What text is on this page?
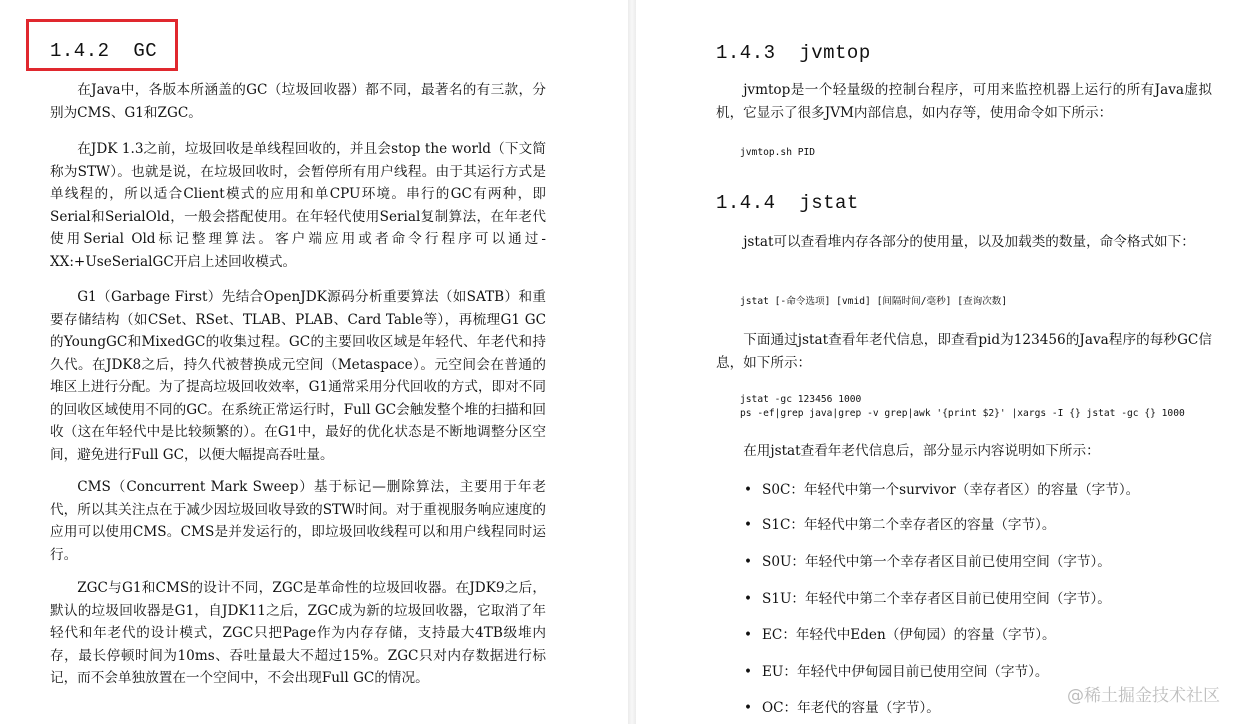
1.4.2  GC

在Java中，各版本所涵盖的GC（垃圾回收器）都不同，最著名的有三款，分别为CMS、G1和ZGC。

在JDK 1.3之前，垃圾回收是单线程回收的，并且会stop the world（下文简称为STW）。也就是说，在垃圾回收时，会暂停所有用户线程。由于其运行方式是单线程的，所以适合Client模式的应用和单CPU环境。串行的GC有两种，即Serial和SerialOld，一般会搭配使用。在年轻代使用Serial复制算法，在年老代使用Serial Old标记整理算法。客户端应用或者命令行程序可以通过-XX:+UseSerialGC开启上述回收模式。

G1（Garbage First）先结合OpenJDK源码分析重要算法（如SATB）和重要存储结构（如CSet、RSet、TLAB、PLAB、Card Table等），再梳理G1 GC的YoungGC和MixedGC的收集过程。GC的主要回收区域是年轻代、年老代和持久代。在JDK8之后，持久代被替换成元空间（Metaspace）。元空间会在普通的堆区上进行分配。为了提高垃圾回收效率，G1通常采用分代回收的方式，即对不同的回收区域使用不同的GC。在系统正常运行时，Full GC会触发整个堆的扫描和回收（这在年轻代中是比较频繁的）。在G1中，最好的优化状态是不断地调整分区空间，避免进行Full GC，以便大幅提高吞吐量。

CMS（Concurrent Mark Sweep）基于标记—删除算法，主要用于年老代，所以其关注点在于减少因垃圾回收导致的STW时间。对于重视服务响应速度的应用可以使用CMS。CMS是并发运行的，即垃圾回收线程可以和用户线程同时运行。

ZGC与G1和CMS的设计不同，ZGC是革命性的垃圾回收器。在JDK9之后，默认的垃圾回收器是G1，自JDK11之后，ZGC成为新的垃圾回收器，它取消了年轻代和年老代的设计模式，ZGC只把Page作为内存存储，支持最大4TB级堆内存，最长停顿时间为10ms、吞吐量最大不超过15%。ZGC只对内存数据进行标记，而不会单独放置在一个空间中，不会出现Full GC的情况。

1.4.3  jvmtop

jvmtop是一个轻量级的控制台程序，可用来监控机器上运行的所有Java虚拟机，它显示了很多JVM内部信息，如内存等，使用命令如下所示：

jvmtop.sh PID
1.4.4  jstat

jstat可以查看堆内存各部分的使用量，以及加载类的数量，命令格式如下：

jstat [-命令选项] [vmid] [间隔时间/毫秒] [查询次数]

下面通过jstat查看年老代信息，即查看pid为123456的Java程序的每秒GC信息，如下所示：

jstat -gc 123456 1000
ps -ef|grep java|grep -v grep|awk '{print $2}' |xargs -I {} jstat -gc {} 1000

在用jstat查看年老代信息后，部分显示内容说明如下所示：

• S0C：年轻代中第一个survivor（幸存者区）的容量（字节）。

• S1C：年轻代中第二个幸存者区的容量（字节）。

• S0U：年轻代中第一个幸存者区目前已使用空间（字节）。

• S1U：年轻代中第二个幸存者区目前已使用空间（字节）。

• EC：年轻代中Eden（伊甸园）的容量（字节）。

• EU：年轻代中伊甸园目前已使用空间（字节）。

• OC：年老代的容量（字节）。

@稀土掘金技术社区
